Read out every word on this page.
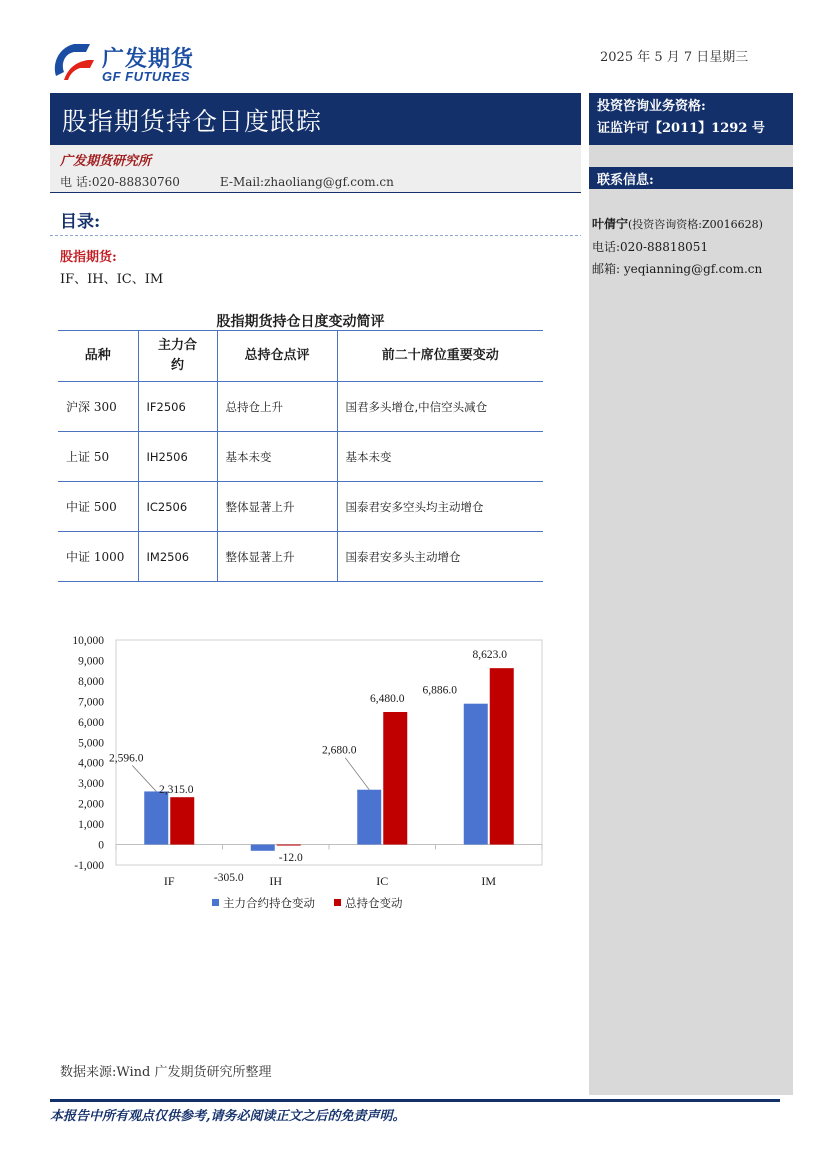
广发期货
GF FUTURES
2025 年 5 月 7 日星期三
股指期货持仓日度跟踪
投资咨询业务资格:
证监许可【2011】1292 号
联系信息:
叶倩宁(投资咨询资格:Z0016628)
电话:020-88818051
邮箱: yeqianning@gf.com.cn
广发期货研究所
电 话:020-88830760	E-Mail:zhaoliang@gf.com.cn
目录:
股指期货:
IF、IH、IC、IM
股指期货持仓日度变动简评
品种	主力合约	总持仓点评	前二十席位重要变动
沪深 300	IF2506	总持仓上升	国君多头增仓,中信空头减仓
上证 50	IH2506	基本未变	基本未变
中证 500	IC2506	整体显著上升	国泰君安多空头均主动增仓
中证 1000	IM2506	整体显著上升	国泰君安多头主动增仓
10,000
9,000
8,000
7,000
6,000
5,000
4,000
3,000
2,000
1,000
0
-1,000
IF	IH	IC	IM
2,596.0
2,315.0
-305.0
-12.0
2,680.0
6,480.0
6,886.0
8,623.0
主力合约持仓变动	总持仓变动
数据来源:Wind 广发期货研究所整理
本报告中所有观点仅供参考,请务必阅读正文之后的免责声明。
